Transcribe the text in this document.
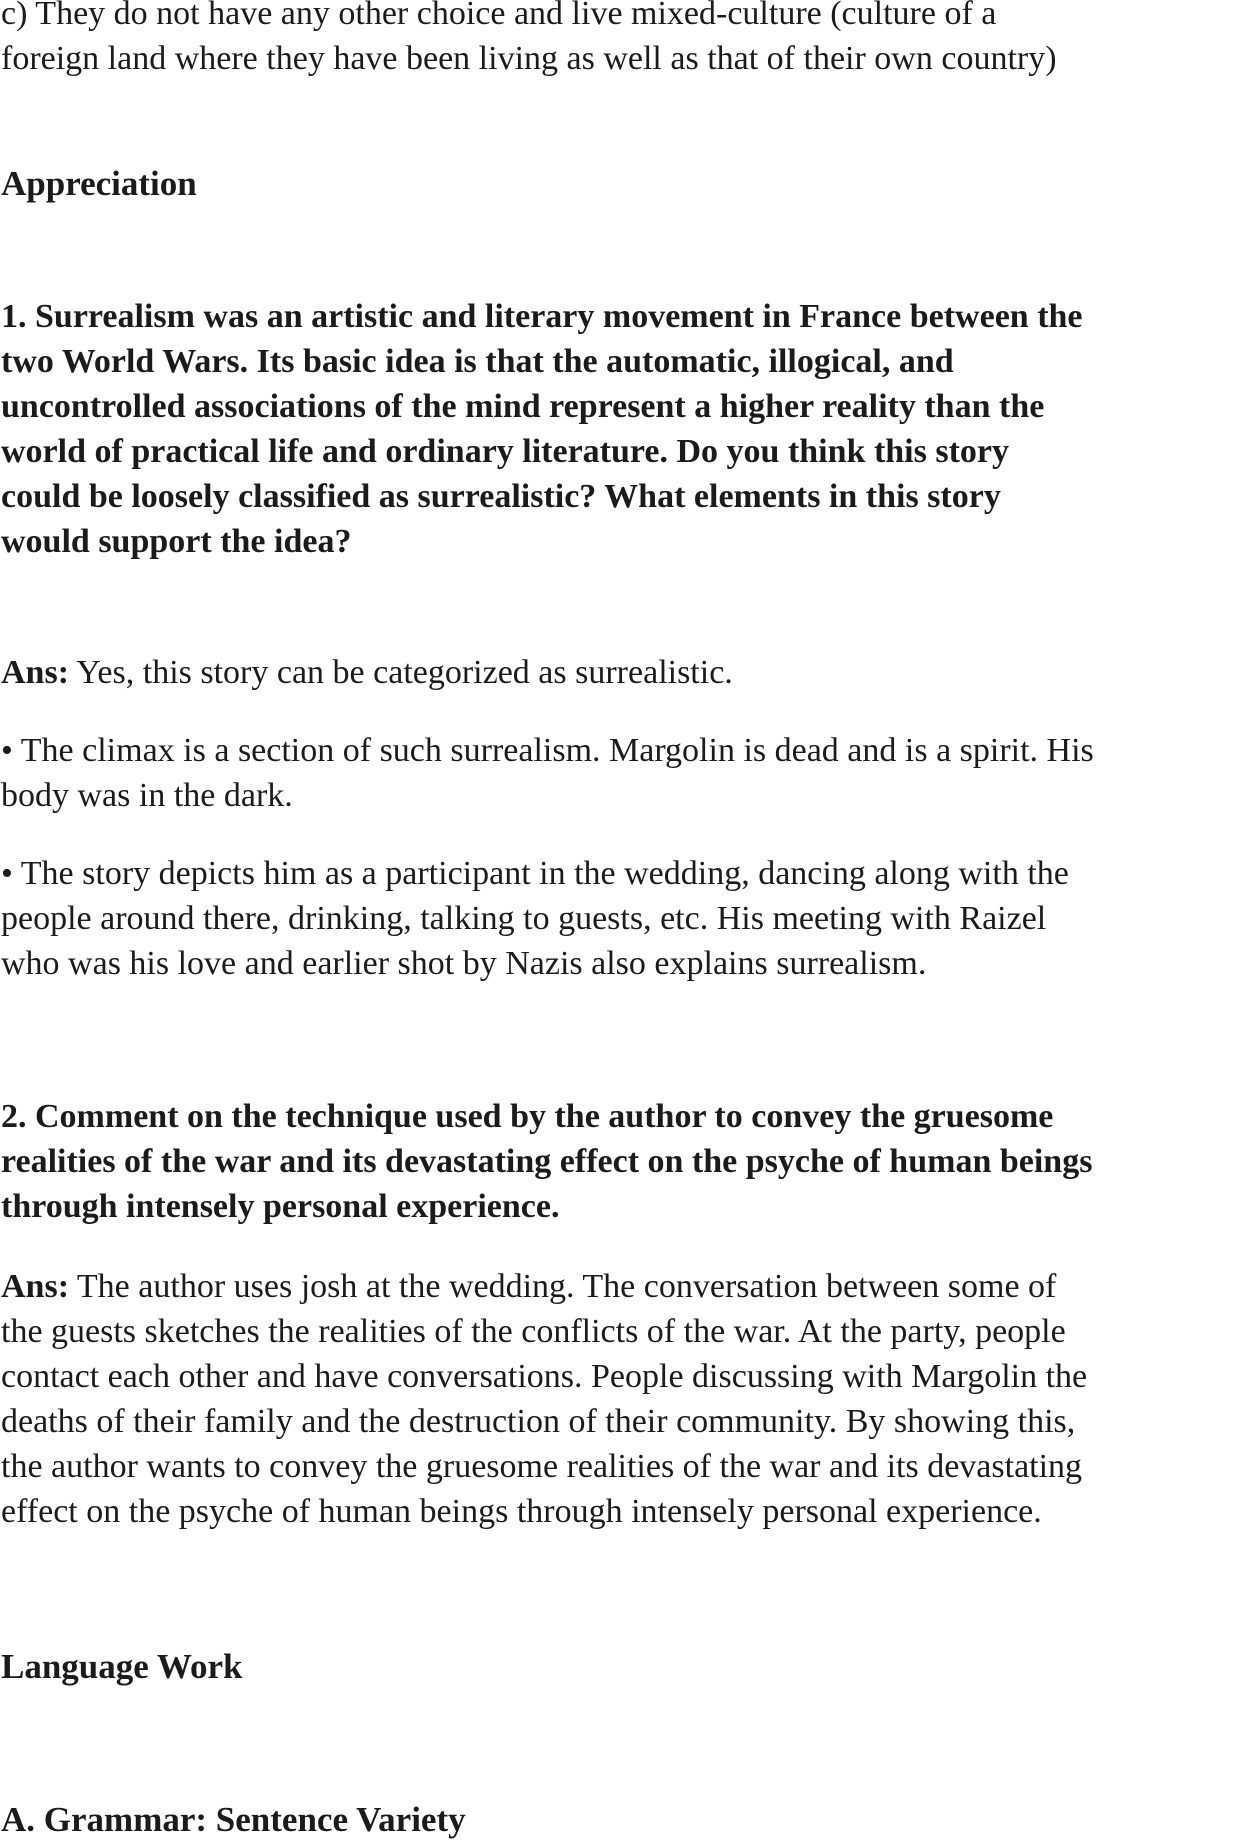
c) They do not have any other choice and live mixed-culture (culture of a
foreign land where they have been living as well as that of their own country)

Appreciation

1. Surrealism was an artistic and literary movement in France between the
two World Wars. Its basic idea is that the automatic, illogical, and
uncontrolled associations of the mind represent a higher reality than the
world of practical life and ordinary literature. Do you think this story
could be loosely classified as surrealistic? What elements in this story
would support the idea?

Ans: Yes, this story can be categorized as surrealistic.

• The climax is a section of such surrealism. Margolin is dead and is a spirit. His
body was in the dark.

• The story depicts him as a participant in the wedding, dancing along with the
people around there, drinking, talking to guests, etc. His meeting with Raizel
who was his love and earlier shot by Nazis also explains surrealism.

2. Comment on the technique used by the author to convey the gruesome
realities of the war and its devastating effect on the psyche of human beings
through intensely personal experience.

Ans: The author uses josh at the wedding. The conversation between some of
the guests sketches the realities of the conflicts of the war. At the party, people
contact each other and have conversations. People discussing with Margolin the
deaths of their family and the destruction of their community. By showing this,
the author wants to convey the gruesome realities of the war and its devastating
effect on the psyche of human beings through intensely personal experience.

Language Work

A. Grammar: Sentence Variety
